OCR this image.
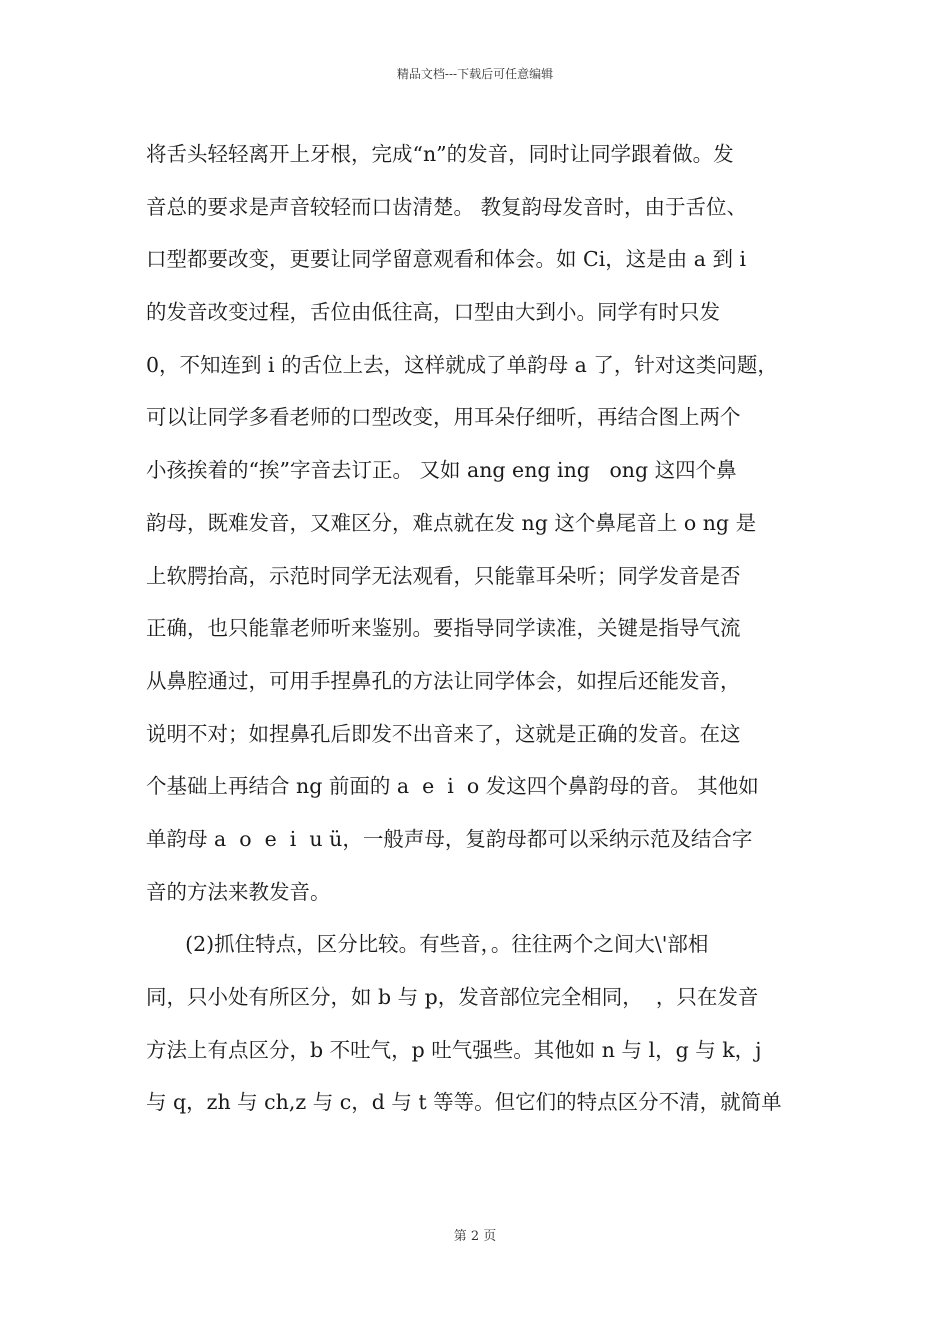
精品文档---下载后可任意编辑
将舌头轻轻离开上牙根，完成“n”的发音，同时让同学跟着做。发
音总的要求是声音较轻而口齿清楚。 教复韵母发音时，由于舌位、
口型都要改变，更要让同学留意观看和体会。如 Ci，这是由 a 到 i
的发音改变过程，舌位由低往高，口型由大到小。同学有时只发
0，不知连到 i 的舌位上去，这样就成了单韵母 a 了，针对这类问题，
可以让同学多看老师的口型改变，用耳朵仔细听，再结合图上两个
小孩挨着的“挨”字音去订正。 又如 ang eng ing   ong 这四个鼻
韵母，既难发音，又难区分，难点就在发 ng 这个鼻尾音上 o ng 是
上软腭抬高，示范时同学无法观看，只能靠耳朵听；同学发音是否
正确，也只能靠老师听来鉴别。要指导同学读准，关键是指导气流
从鼻腔通过，可用手捏鼻孔的方法让同学体会，如捏后还能发音，
说明不对；如捏鼻孔后即发不出音来了，这就是正确的发音。在这
个基础上再结合 ng 前面的 a  e  i  o 发这四个鼻韵母的音。 其他如
单韵母 a  o  e  i  u ü，一般声母，复韵母都可以采纳示范及结合字
音的方法来教发音。
(2)抓住特点，区分比较。有些音，。往往两个之间大\'部相
同，只小处有所区分，如 b 与 p，发音部位完全相同，  ，只在发音
方法上有点区分，b 不吐气，p 吐气强些。其他如 n 与 l，g 与 k，j
与 q，zh 与 ch,z 与 c，d 与 t 等等。但它们的特点区分不清，就简单
第 2 页
